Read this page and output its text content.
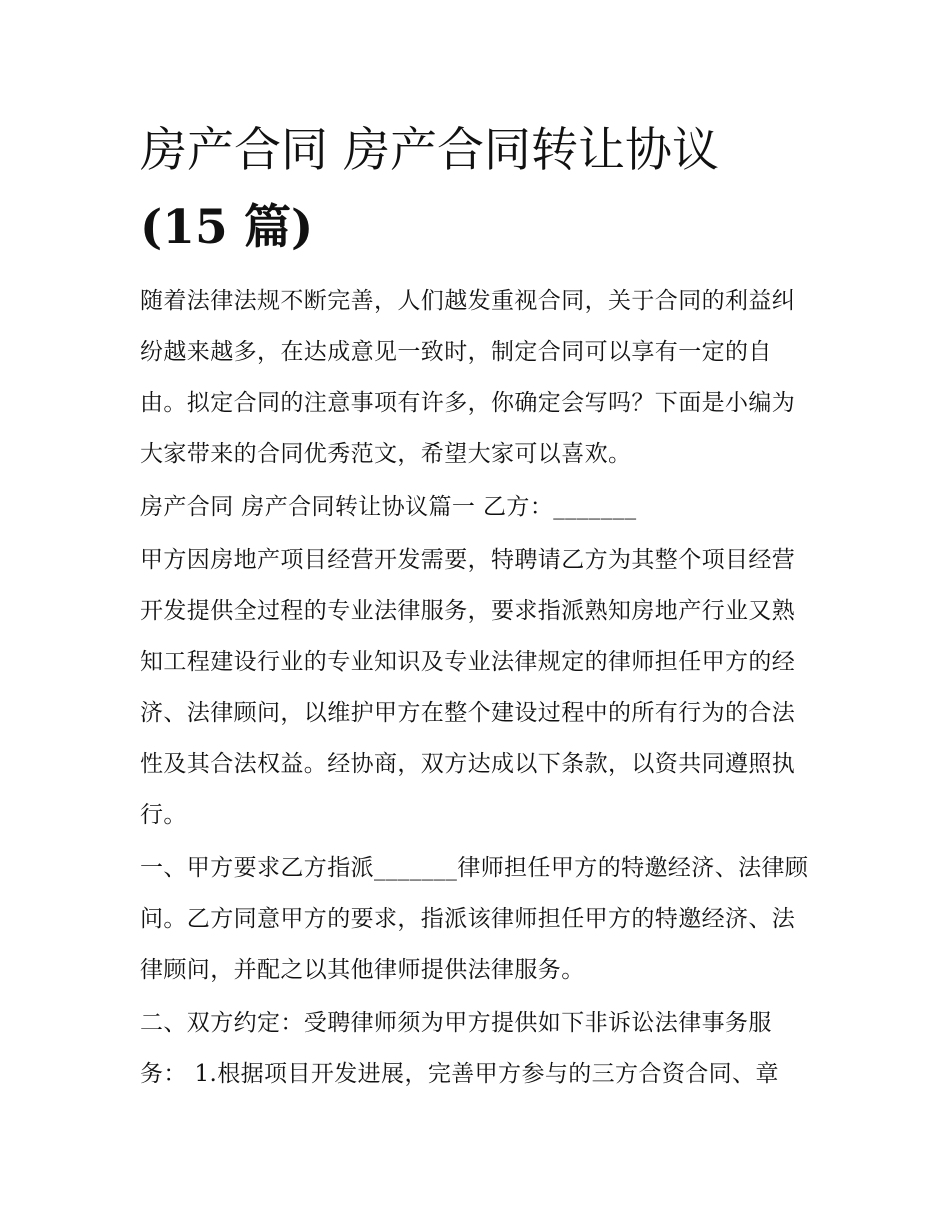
房产合同 房产合同转让协议
(15 篇)

随着法律法规不断完善，人们越发重视合同，关于合同的利益纠纷越来越多，在达成意见一致时，制定合同可以享有一定的自由。拟定合同的注意事项有许多，你确定会写吗？下面是小编为大家带来的合同优秀范文，希望大家可以喜欢。

房产合同 房产合同转让协议篇一 乙方：_______

甲方因房地产项目经营开发需要，特聘请乙方为其整个项目经营开发提供全过程的专业法律服务，要求指派熟知房地产行业又熟知工程建设行业的专业知识及专业法律规定的律师担任甲方的经济、法律顾问，以维护甲方在整个建设过程中的所有行为的合法性及其合法权益。经协商，双方达成以下条款，以资共同遵照执行。

一、甲方要求乙方指派_______律师担任甲方的特邀经济、法律顾问。乙方同意甲方的要求，指派该律师担任甲方的特邀经济、法律顾问，并配之以其他律师提供法律服务。

二、双方约定：受聘律师须为甲方提供如下非诉讼法律事务服务： 1.根据项目开发进展，完善甲方参与的三方合资合同、章
